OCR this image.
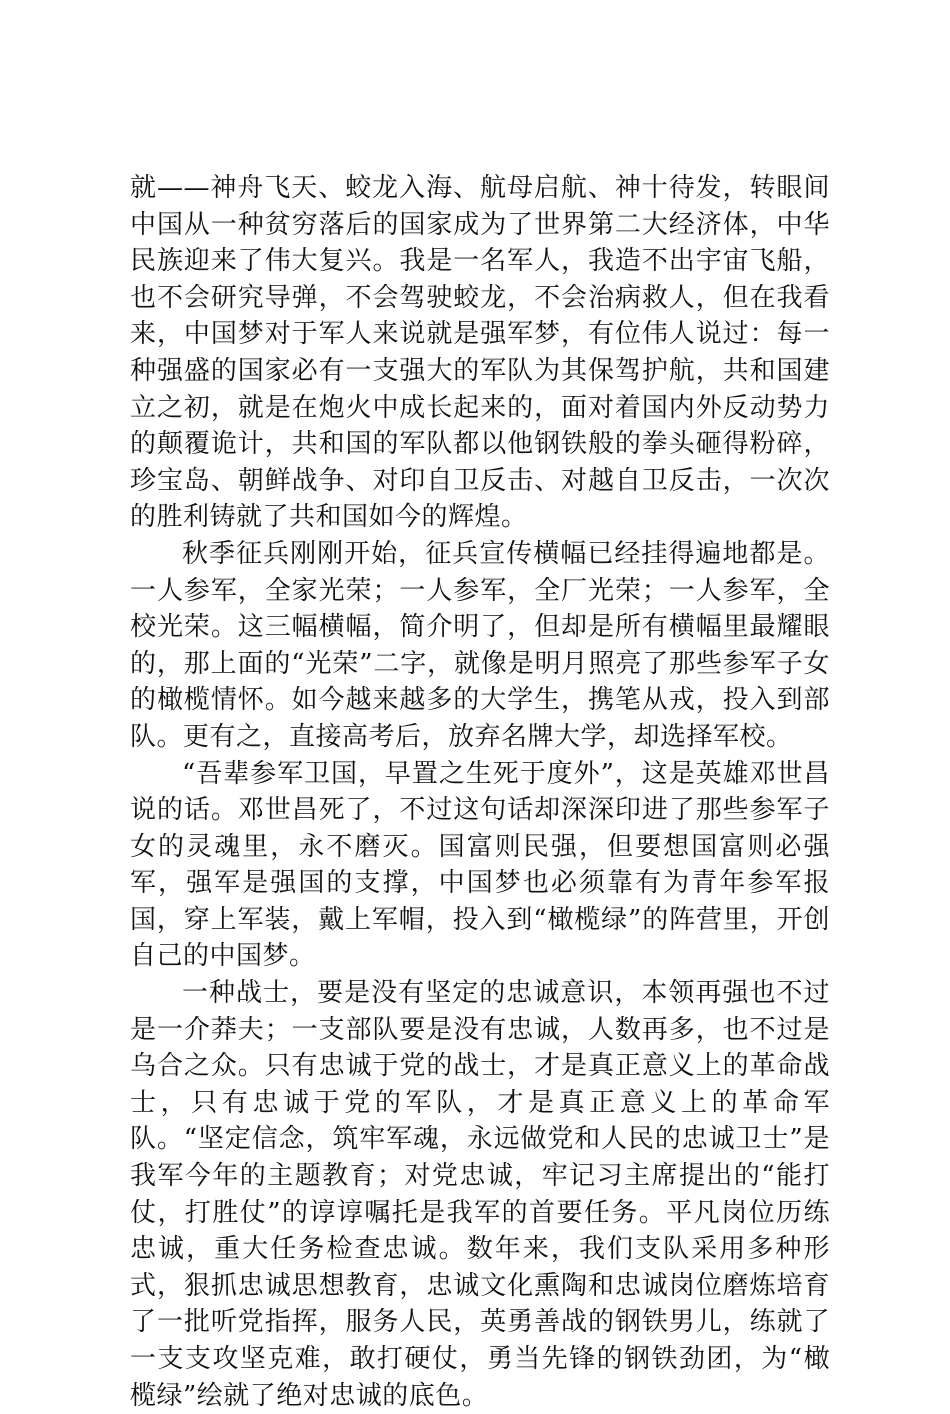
就——神舟飞天、蛟龙入海、航母启航、神十待发，转眼间中国从一种贫穷落后的国家成为了世界第二大经济体，中华民族迎来了伟大复兴。我是一名军人，我造不出宇宙飞船，也不会研究导弹，不会驾驶蛟龙，不会治病救人，但在我看来，中国梦对于军人来说就是强军梦，有位伟人说过：每一种强盛的国家必有一支强大的军队为其保驾护航，共和国建立之初，就是在炮火中成长起来的，面对着国内外反动势力的颠覆诡计，共和国的军队都以他钢铁般的拳头砸得粉碎，珍宝岛、朝鲜战争、对印自卫反击、对越自卫反击，一次次的胜利铸就了共和国如今的辉煌。

秋季征兵刚刚开始，征兵宣传横幅已经挂得遍地都是。一人参军，全家光荣；一人参军，全厂光荣；一人参军，全校光荣。这三幅横幅，简介明了，但却是所有横幅里最耀眼的，那上面的“光荣”二字，就像是明月照亮了那些参军子女的橄榄情怀。如今越来越多的大学生，携笔从戎，投入到部队。更有之，直接高考后，放弃名牌大学，却选择军校。

“吾辈参军卫国，早置之生死于度外”，这是英雄邓世昌说的话。邓世昌死了，不过这句话却深深印进了那些参军子女的灵魂里，永不磨灭。国富则民强，但要想国富则必强军，强军是强国的支撑，中国梦也必须靠有为青年参军报国，穿上军装，戴上军帽，投入到“橄榄绿”的阵营里，开创自己的中国梦。

一种战士，要是没有坚定的忠诚意识，本领再强也不过是一介莽夫；一支部队要是没有忠诚，人数再多，也不过是乌合之众。只有忠诚于党的战士，才是真正意义上的革命战士，只有忠诚于党的军队，才是真正意义上的革命军队。“坚定信念，筑牢军魂，永远做党和人民的忠诚卫士”是我军今年的主题教育；对党忠诚，牢记习主席提出的“能打仗，打胜仗”的谆谆嘱托是我军的首要任务。平凡岗位历练忠诚，重大任务检查忠诚。数年来，我们支队采用多种形式，狠抓忠诚思想教育，忠诚文化熏陶和忠诚岗位磨炼培育了一批听党指挥，服务人民，英勇善战的钢铁男儿，练就了一支支攻坚克难，敢打硬仗，勇当先锋的钢铁劲团，为“橄榄绿”绘就了绝对忠诚的底色。
